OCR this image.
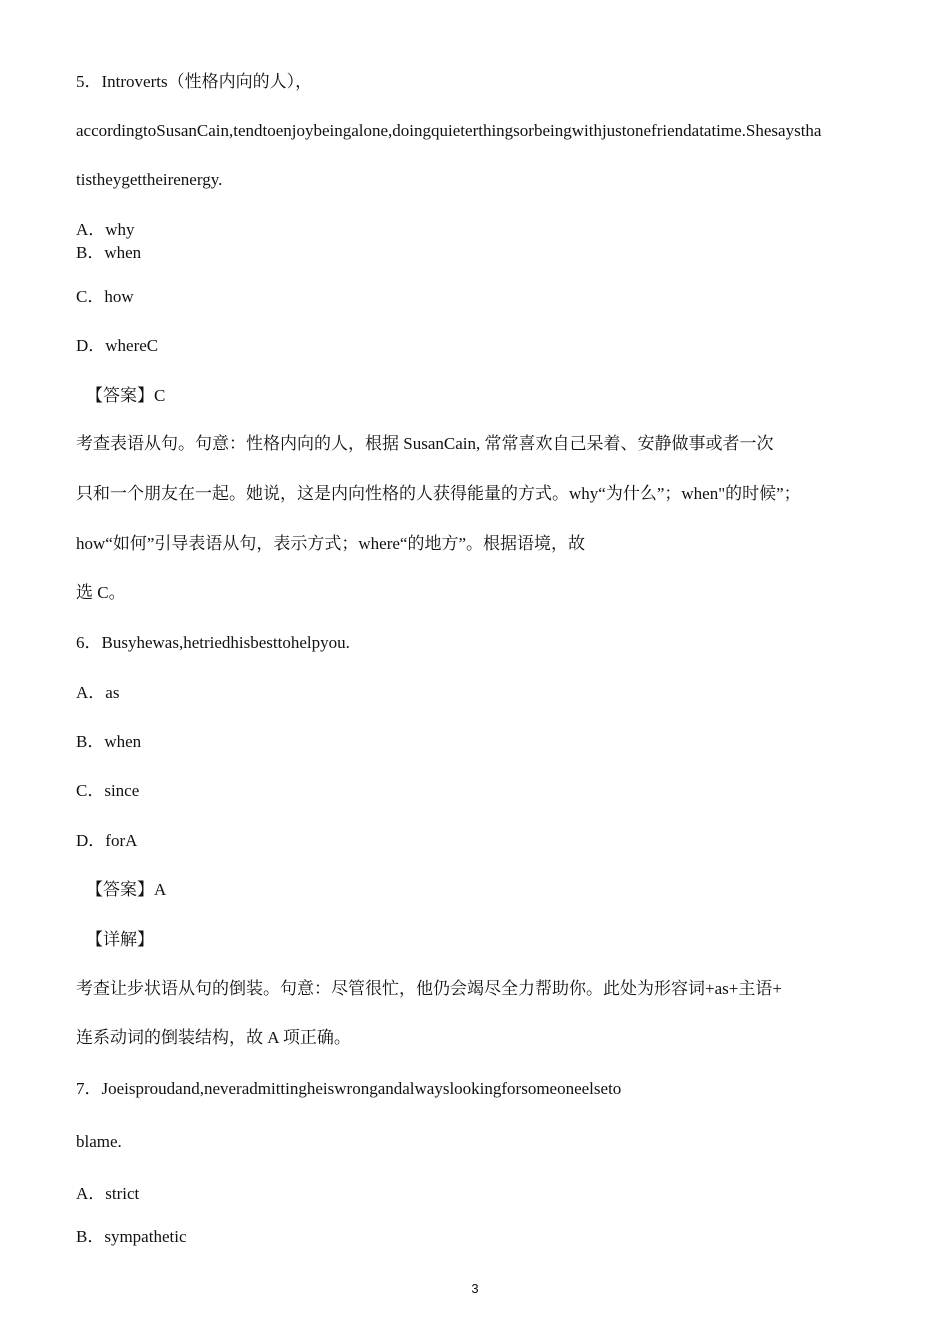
5．Introverts（性格内向的人），
accordingtoSusanCain,tendtoenjoybeingalone,doingquieterthingsorbeingwithjustonefriendatatime.Shesaystha
tistheygettheirenergy.
A．why
B．when
C．how
D．whereC
【答案】C
考查表语从句。句意：性格内向的人，根据 SusanCain, 常常喜欢自己呆着、安静做事或者一次
只和一个朋友在一起。她说，这是内向性格的人获得能量的方式。why“为什么”；when"的时候”；
how“如何”引导表语从句，表示方式；where“的地方”。根据语境，故
选 C。
6．Busyhewas,hetriedhisbesttohelpyou.
A．as
B．when
C．since
D．forA
【答案】A
【详解】
考查让步状语从句的倒装。句意：尽管很忙，他仍会竭尽全力帮助你。此处为形容词+as+主语+
连系动词的倒装结构，故 A 项正确。
7．Joeisproudand,neveradmittingheiswrongandalwayslookingforsomeoneelseto
blame.
A．strict
B．sympathetic
3
